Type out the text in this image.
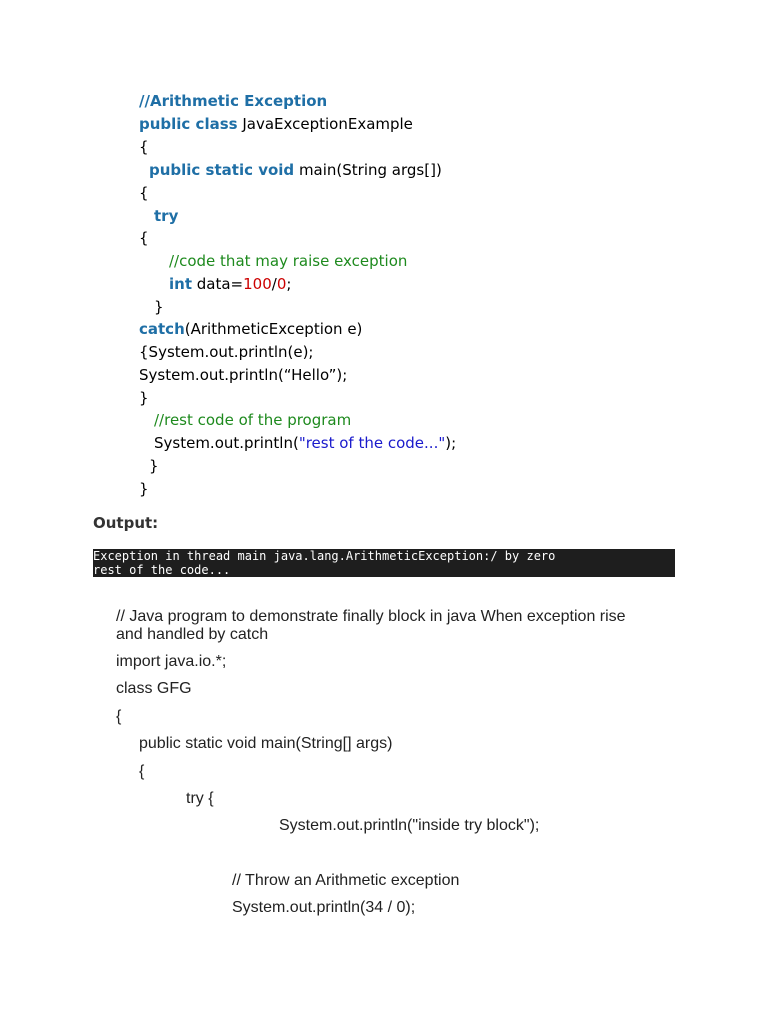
//Arithmetic Exception
public class JavaExceptionExample
{
public static void main(String args[])
{
try
{
//code that may raise exception
int data=100/0;
}
catch(ArithmeticException e)
{System.out.println(e);
System.out.println(“Hello”);
}
//rest code of the program
System.out.println("rest of the code...");
}
}
Output:
Exception in thread main java.lang.ArithmeticException:/ by zero
rest of the code...
// Java program to demonstrate finally block in java When exception rise
and handled by catch
import java.io.*;
class GFG
{
public static void main(String[] args)
{
try {
System.out.println("inside try block");
// Throw an Arithmetic exception
System.out.println(34 / 0);
